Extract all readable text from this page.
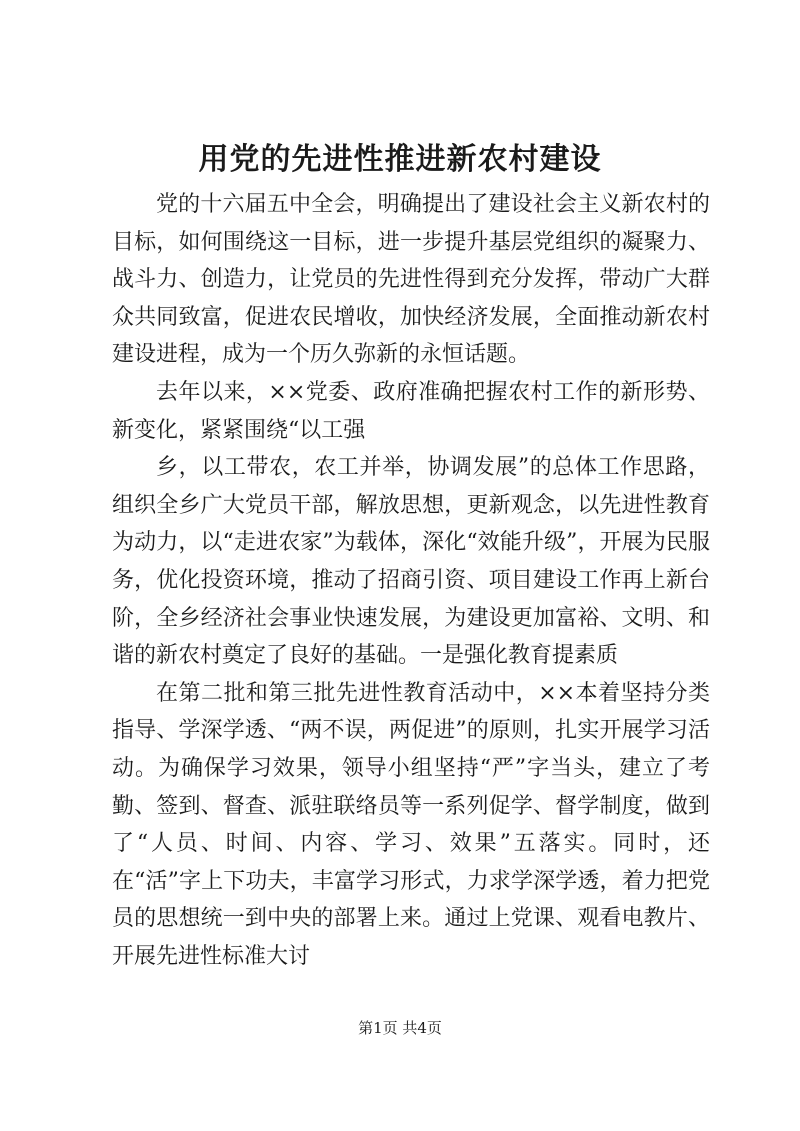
用党的先进性推进新农村建设

党的十六届五中全会，明确提出了建设社会主义新农村的目标，如何围绕这一目标，进一步提升基层党组织的凝聚力、战斗力、创造力，让党员的先进性得到充分发挥，带动广大群众共同致富，促进农民增收，加快经济发展，全面推动新农村建设进程，成为一个历久弥新的永恒话题。

去年以来，××党委、政府准确把握农村工作的新形势、新变化，紧紧围绕“以工强

乡，以工带农，农工并举，协调发展”的总体工作思路，组织全乡广大党员干部，解放思想，更新观念，以先进性教育为动力，以“走进农家”为载体，深化“效能升级”，开展为民服务，优化投资环境，推动了招商引资、项目建设工作再上新台阶，全乡经济社会事业快速发展，为建设更加富裕、文明、和谐的新农村奠定了良好的基础。一是强化教育提素质

在第二批和第三批先进性教育活动中，××本着坚持分类指导、学深学透、“两不误，两促进”的原则，扎实开展学习活动。为确保学习效果，领导小组坚持“严”字当头，建立了考勤、签到、督查、派驻联络员等一系列促学、督学制度，做到了“人员、时间、内容、学习、效果”五落实。同时，还在“活”字上下功夫，丰富学习形式，力求学深学透，着力把党员的思想统一到中央的部署上来。通过上党课、观看电教片、开展先进性标准大讨

第1页 共4页
